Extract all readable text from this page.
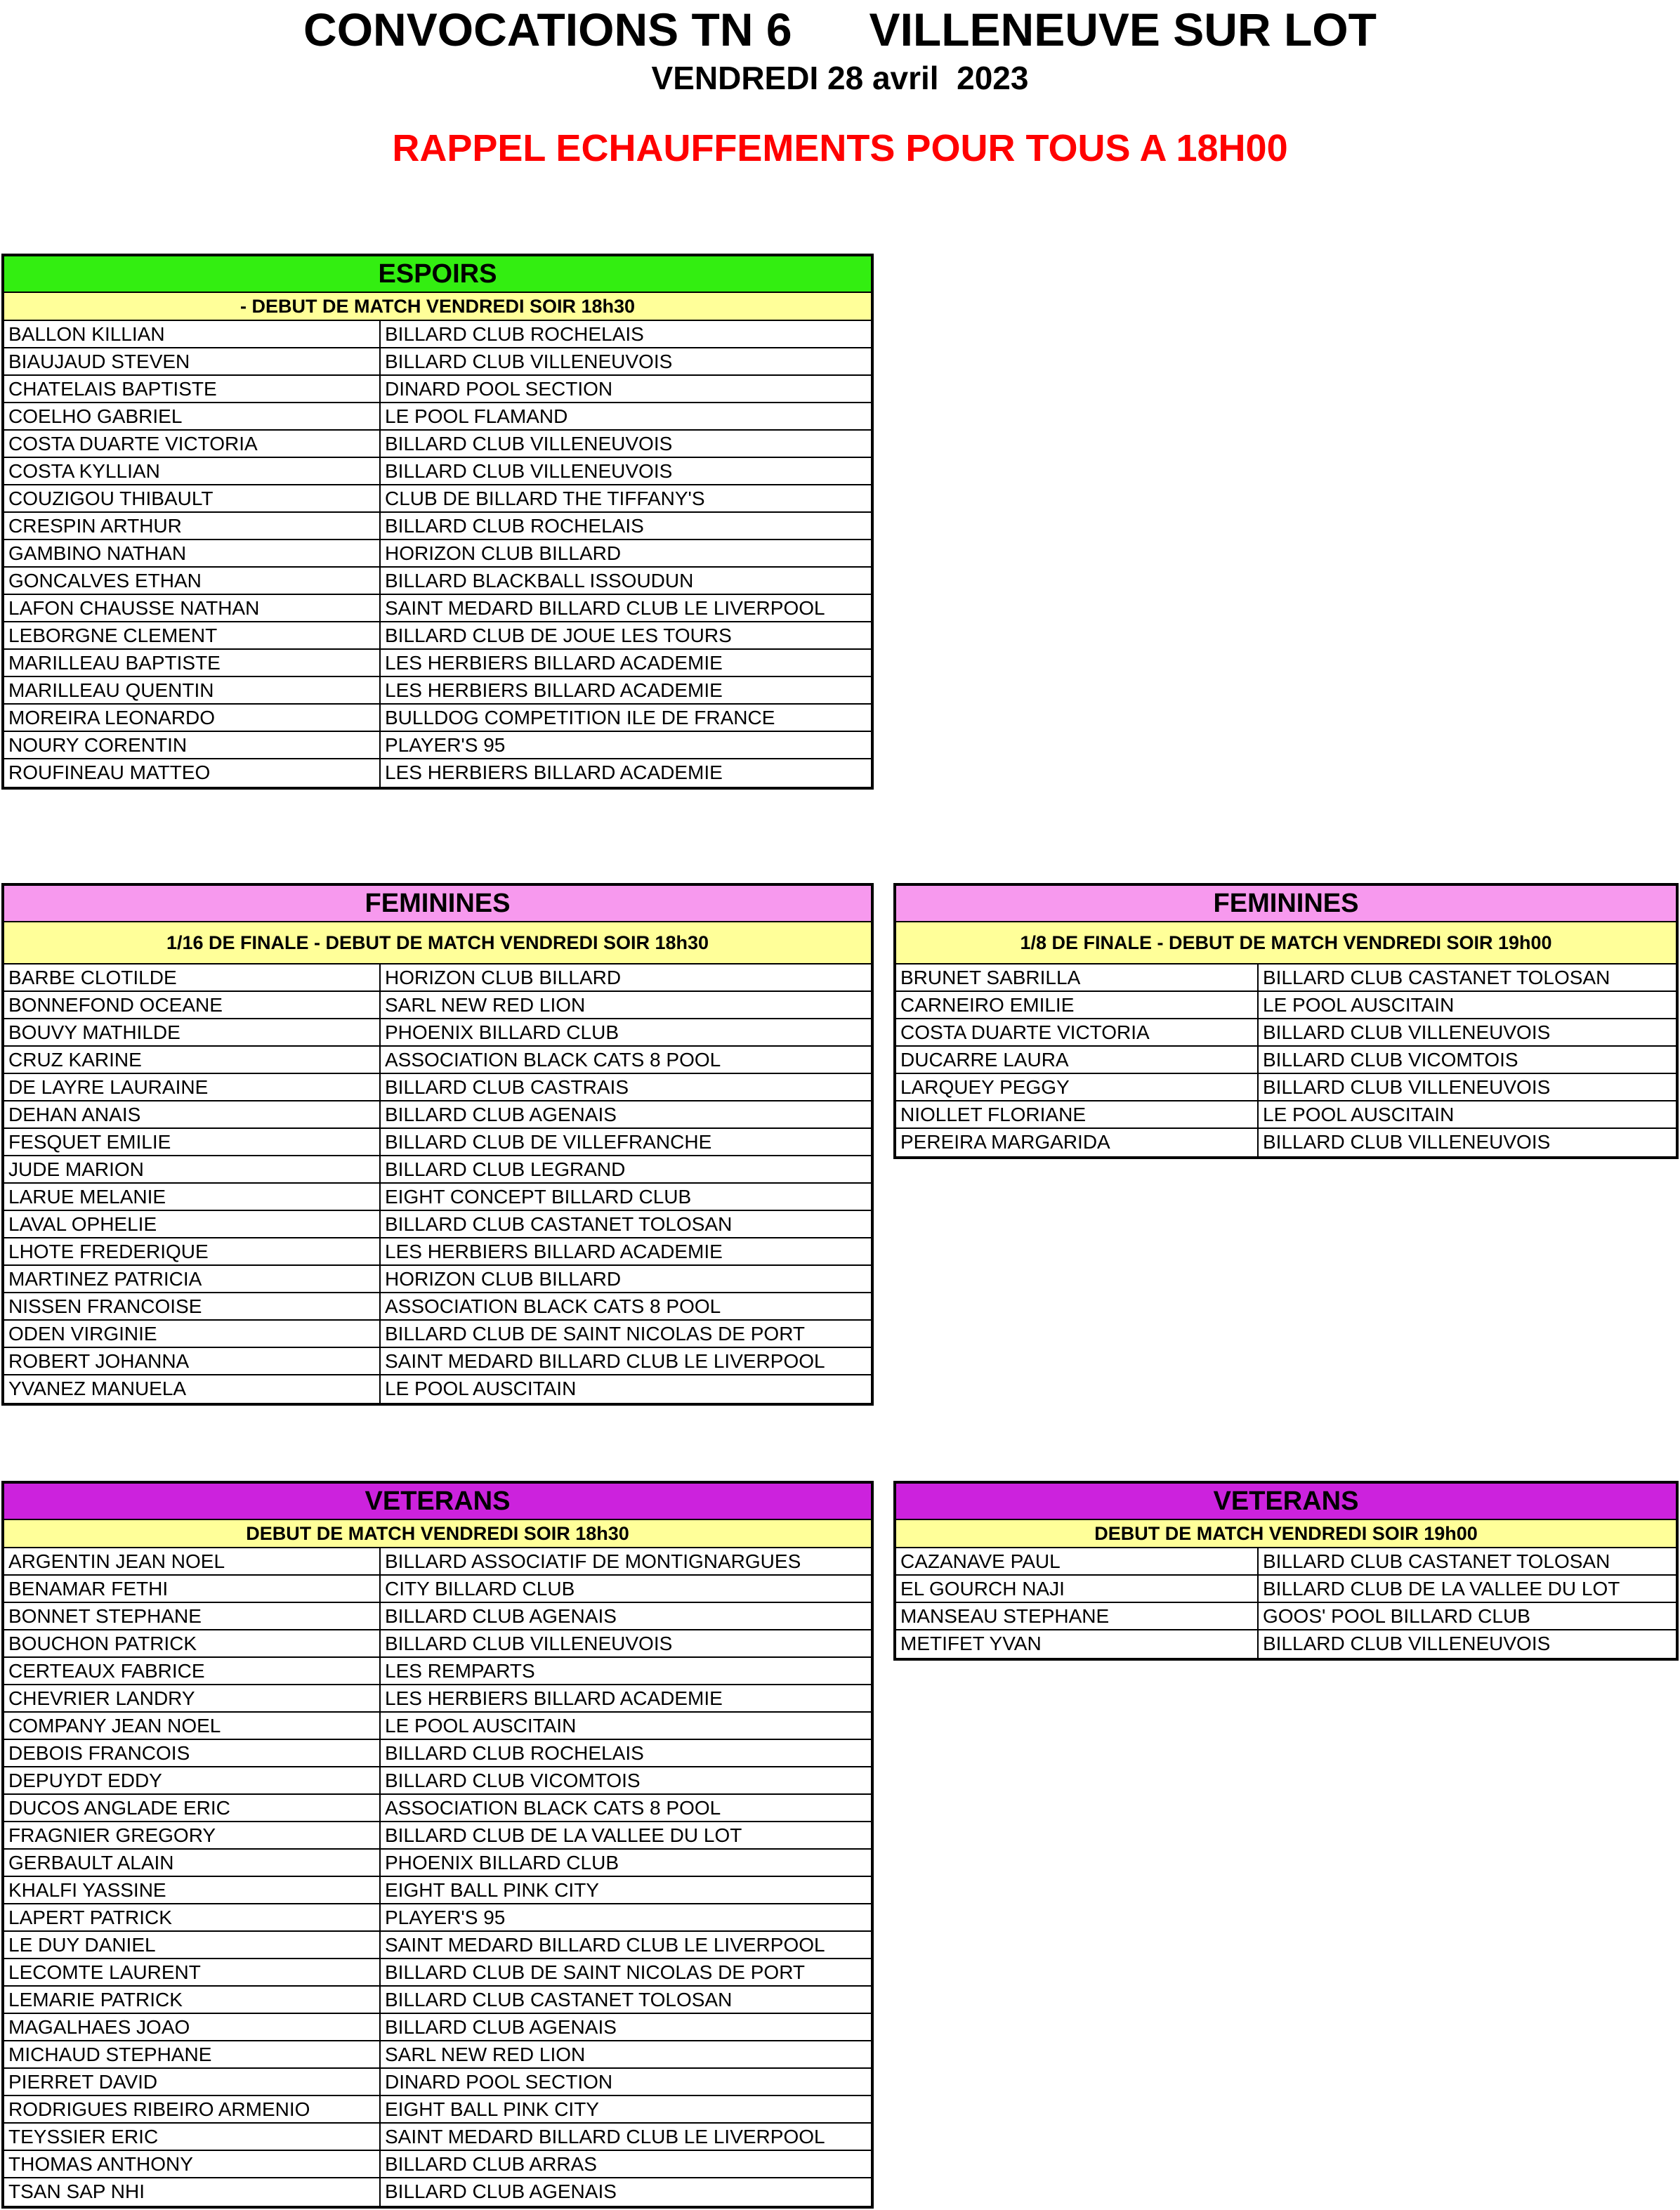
CONVOCATIONS TN 6      VILLENEUVE SUR LOT
VENDREDI 28 avril  2023
RAPPEL ECHAUFFEMENTS POUR TOUS A 18H00
ESPOIRS
- DEBUT DE MATCH VENDREDI SOIR 18h30
BALLON KILLIAN	BILLARD CLUB ROCHELAIS
BIAUJAUD STEVEN	BILLARD CLUB VILLENEUVOIS
CHATELAIS BAPTISTE	DINARD POOL SECTION
COELHO GABRIEL	LE POOL FLAMAND
COSTA DUARTE VICTORIA	BILLARD CLUB VILLENEUVOIS
COSTA KYLLIAN	BILLARD CLUB VILLENEUVOIS
COUZIGOU THIBAULT	CLUB DE BILLARD THE TIFFANY'S
CRESPIN ARTHUR	BILLARD CLUB ROCHELAIS
GAMBINO NATHAN	HORIZON CLUB BILLARD
GONCALVES ETHAN	BILLARD BLACKBALL ISSOUDUN
LAFON CHAUSSE NATHAN	SAINT MEDARD BILLARD CLUB LE LIVERPOOL
LEBORGNE CLEMENT	BILLARD CLUB DE JOUE LES TOURS
MARILLEAU BAPTISTE	LES HERBIERS BILLARD ACADEMIE
MARILLEAU QUENTIN	LES HERBIERS BILLARD ACADEMIE
MOREIRA LEONARDO	BULLDOG COMPETITION ILE DE FRANCE
NOURY CORENTIN	PLAYER'S 95
ROUFINEAU MATTEO	LES HERBIERS BILLARD ACADEMIE
FEMININES
1/16 DE FINALE - DEBUT DE MATCH VENDREDI SOIR 18h30
BARBE CLOTILDE	HORIZON CLUB BILLARD
BONNEFOND OCEANE	SARL NEW RED LION
BOUVY MATHILDE	PHOENIX BILLARD CLUB
CRUZ KARINE	ASSOCIATION BLACK CATS 8 POOL
DE LAYRE LAURAINE	BILLARD CLUB CASTRAIS
DEHAN ANAIS	BILLARD CLUB AGENAIS
FESQUET EMILIE	BILLARD CLUB DE VILLEFRANCHE
JUDE MARION	BILLARD CLUB LEGRAND
LARUE MELANIE	EIGHT CONCEPT BILLARD CLUB
LAVAL OPHELIE	BILLARD CLUB CASTANET TOLOSAN
LHOTE FREDERIQUE	LES HERBIERS BILLARD ACADEMIE
MARTINEZ PATRICIA	HORIZON CLUB BILLARD
NISSEN FRANCOISE	ASSOCIATION BLACK CATS 8 POOL
ODEN VIRGINIE	BILLARD CLUB DE SAINT NICOLAS DE PORT
ROBERT JOHANNA	SAINT MEDARD BILLARD CLUB LE LIVERPOOL
YVANEZ MANUELA	LE POOL AUSCITAIN
FEMININES
1/8 DE FINALE - DEBUT DE MATCH VENDREDI SOIR 19h00
BRUNET SABRILLA	BILLARD CLUB CASTANET TOLOSAN
CARNEIRO EMILIE	LE POOL AUSCITAIN
COSTA DUARTE VICTORIA	BILLARD CLUB VILLENEUVOIS
DUCARRE LAURA	BILLARD CLUB VICOMTOIS
LARQUEY PEGGY	BILLARD CLUB VILLENEUVOIS
NIOLLET FLORIANE	LE POOL AUSCITAIN
PEREIRA MARGARIDA	BILLARD CLUB VILLENEUVOIS
VETERANS
DEBUT DE MATCH VENDREDI SOIR 18h30
ARGENTIN JEAN NOEL	BILLARD ASSOCIATIF DE MONTIGNARGUES
BENAMAR FETHI	CITY BILLARD CLUB
BONNET STEPHANE	BILLARD CLUB AGENAIS
BOUCHON PATRICK	BILLARD CLUB VILLENEUVOIS
CERTEAUX FABRICE	LES REMPARTS
CHEVRIER LANDRY	LES HERBIERS BILLARD ACADEMIE
COMPANY JEAN NOEL	LE POOL AUSCITAIN
DEBOIS FRANCOIS	BILLARD CLUB ROCHELAIS
DEPUYDT EDDY	BILLARD CLUB VICOMTOIS
DUCOS ANGLADE ERIC	ASSOCIATION BLACK CATS 8 POOL
FRAGNIER GREGORY	BILLARD CLUB DE LA VALLEE DU LOT
GERBAULT ALAIN	PHOENIX BILLARD CLUB
KHALFI YASSINE	EIGHT BALL PINK CITY
LAPERT PATRICK	PLAYER'S 95
LE DUY DANIEL	SAINT MEDARD BILLARD CLUB LE LIVERPOOL
LECOMTE LAURENT	BILLARD CLUB DE SAINT NICOLAS DE PORT
LEMARIE PATRICK	BILLARD CLUB CASTANET TOLOSAN
MAGALHAES JOAO	BILLARD CLUB AGENAIS
MICHAUD STEPHANE	SARL NEW RED LION
PIERRET DAVID	DINARD POOL SECTION
RODRIGUES RIBEIRO ARMENIO	EIGHT BALL PINK CITY
TEYSSIER ERIC	SAINT MEDARD BILLARD CLUB LE LIVERPOOL
THOMAS ANTHONY	BILLARD CLUB ARRAS
TSAN SAP NHI	BILLARD CLUB AGENAIS
VETERANS
DEBUT DE MATCH VENDREDI SOIR 19h00
CAZANAVE PAUL	BILLARD CLUB CASTANET TOLOSAN
EL GOURCH NAJI	BILLARD CLUB DE LA VALLEE DU LOT
MANSEAU STEPHANE	GOOS' POOL BILLARD CLUB
METIFET YVAN	BILLARD CLUB VILLENEUVOIS
